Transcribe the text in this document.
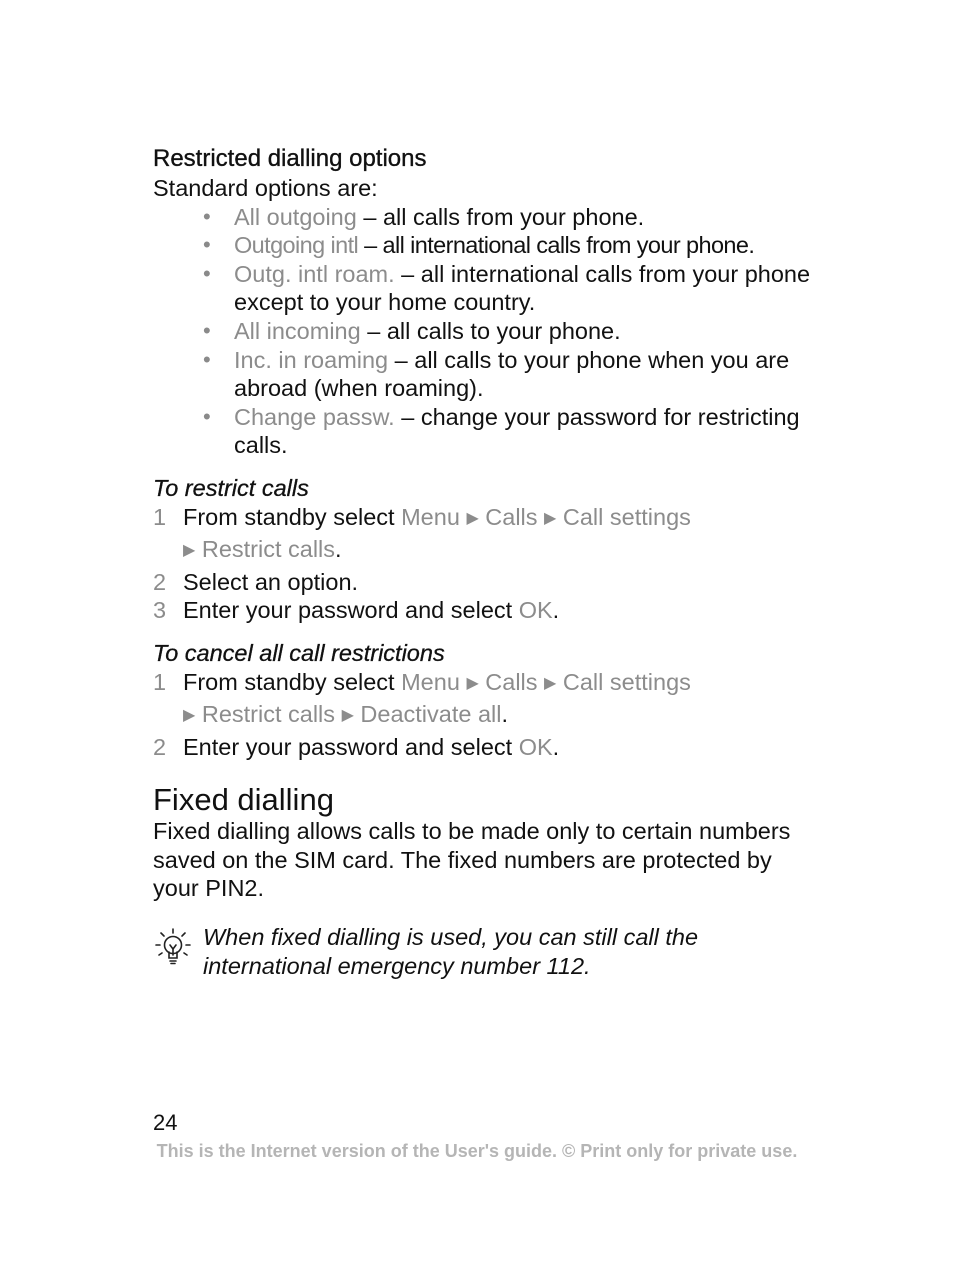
Restricted dialling options

Standard options are:

• All outgoing – all calls from your phone.
• Outgoing intl – all international calls from your phone.
• Outg. intl roam. – all international calls from your phone except to your home country.
• All incoming – all calls to your phone.
• Inc. in roaming – all calls to your phone when you are abroad (when roaming).
• Change passw. – change your password for restricting calls.

To restrict calls

1 From standby select Menu ▶ Calls ▶ Call settings
▶ Restrict calls.
2 Select an option.
3 Enter your password and select OK.

To cancel all call restrictions

1 From standby select Menu ▶ Calls ▶ Call settings
▶ Restrict calls ▶ Deactivate all.
2 Enter your password and select OK.
Fixed dialling

Fixed dialling allows calls to be made only to certain numbers saved on the SIM card. The fixed numbers are protected by your PIN2.

When fixed dialling is used, you can still call the international emergency number 112.
24
This is the Internet version of the User's guide. © Print only for private use.
